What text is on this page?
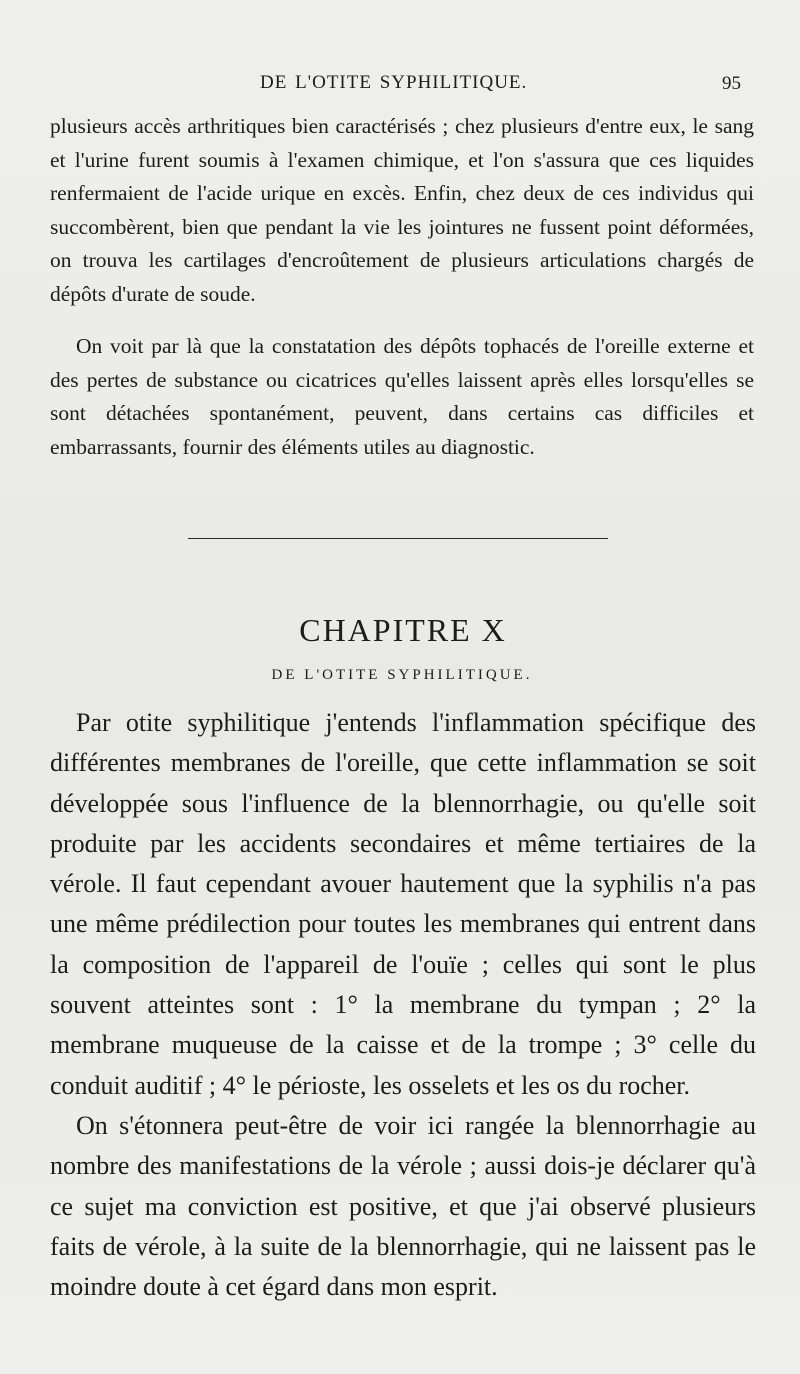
DE L'OTITE SYPHILITIQUE.	95

plusieurs accès arthritiques bien caractérisés ; chez plusieurs d'entre eux, le sang et l'urine furent soumis à l'examen chimique, et l'on s'assura que ces liquides renfermaient de l'acide urique en excès. Enfin, chez deux de ces individus qui succombèrent, bien que pendant la vie les jointures ne fussent point déformées, on trouva les cartilages d'encroûtement de plusieurs articulations chargés de dépôts d'urate de soude.

On voit par là que la constatation des dépôts tophacés de l'oreille externe et des pertes de substance ou cicatrices qu'elles laissent après elles lorsqu'elles se sont détachées spontanément, peuvent, dans certains cas difficiles et embarrassants, fournir des éléments utiles au diagnostic.

CHAPITRE X
DE L'OTITE SYPHILITIQUE.

Par otite syphilitique j'entends l'inflammation spécifique des différentes membranes de l'oreille, que cette inflammation se soit développée sous l'influence de la blennorrhagie, ou qu'elle soit produite par les accidents secondaires et même tertiaires de la vérole. Il faut cependant avouer hautement que la syphilis n'a pas une même prédilection pour toutes les membranes qui entrent dans la composition de l'appareil de l'ouïe ; celles qui sont le plus souvent atteintes sont : 1° la membrane du tympan ; 2° la membrane muqueuse de la caisse et de la trompe ; 3° celle du conduit auditif ; 4° le périoste, les osselets et les os du rocher.

On s'étonnera peut-être de voir ici rangée la blennorrhagie au nombre des manifestations de la vérole ; aussi dois-je déclarer qu'à ce sujet ma conviction est positive, et que j'ai observé plusieurs faits de vérole, à la suite de la blennorrhagie, qui ne laissent pas le moindre doute à cet égard dans mon esprit.
